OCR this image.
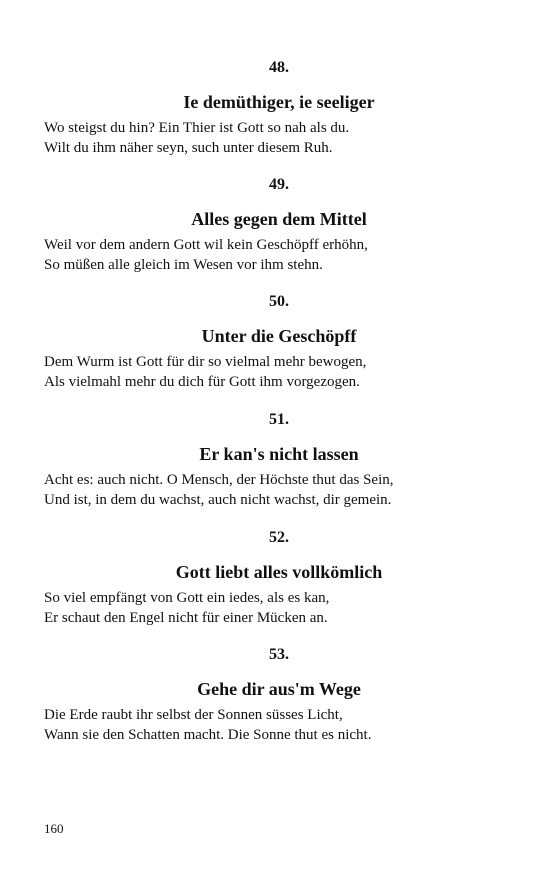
48.

Ie demüthiger, ie seeliger

Wo steigst du hin? Ein Thier ist Gott so nah als du.
Wilt du ihm näher seyn, such unter diesem Ruh.

49.

Alles gegen dem Mittel

Weil vor dem andern Gott wil kein Geschöpff erhöhn,
So müßen alle gleich im Wesen vor ihm stehn.

50.

Unter die Geschöpff

Dem Wurm ist Gott für dir so vielmal mehr bewogen,
Als vielmahl mehr du dich für Gott ihm vorgezogen.

51.

Er kan's nicht lassen

Acht es: auch nicht. O Mensch, der Höchste thut das Sein,
Und ist, in dem du wachst, auch nicht wachst, dir gemein.

52.

Gott liebt alles vollkömlich

So viel empfängt von Gott ein iedes, als es kan,
Er schaut den Engel nicht für einer Mücken an.

53.

Gehe dir aus'm Wege

Die Erde raubt ihr selbst der Sonnen süsses Licht,
Wann sie den Schatten macht. Die Sonne thut es nicht.

160
